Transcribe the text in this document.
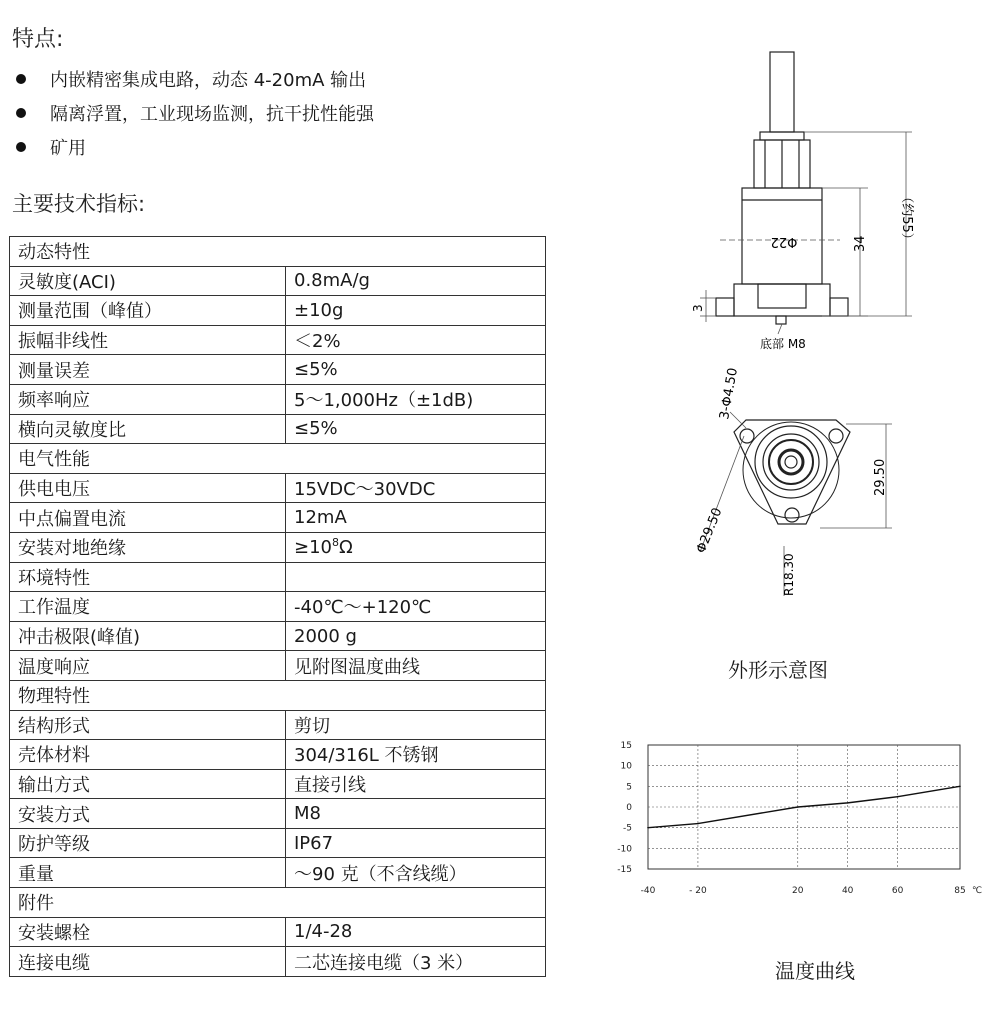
特点:
内嵌精密集成电路，动态 4-20mA 输出
隔离浮置，工业现场监测，抗干扰性能强
矿用
主要技术指标:
动态特性	
灵敏度(ACI)	0.8mA/g
测量范围（峰值）	±10g
振幅非线性	＜2%
测量误差	≤5%
频率响应	5～1,000Hz（±1dB)
横向灵敏度比	≤5%
电气性能	
供电电压	15VDC～30VDC
中点偏置电流	12mA
安装对地绝缘	$\ge 10^8\Omega$
环境特性	
工作温度	-40℃～+120℃
冲击极限(峰值)	2000 g
温度响应	见附图温度曲线
物理特性	
结构形式	剪切
壳体材料	304/316L 不锈钢
输出方式	直接引线
安装方式	M8
防护等级	IP67
重量	～90 克（不含线缆）
附件	
安装螺栓	1/4-28
连接电缆	二芯连接电缆（3 米）
Φ22	34 （约55）
3
底部 M8
3-Φ4.50
29.50
Φ29.50
R18.30
外形示意图
15
10
5
0
-5
-10
-15
-40	- 20	20	40	60	85 ℃
温度曲线
